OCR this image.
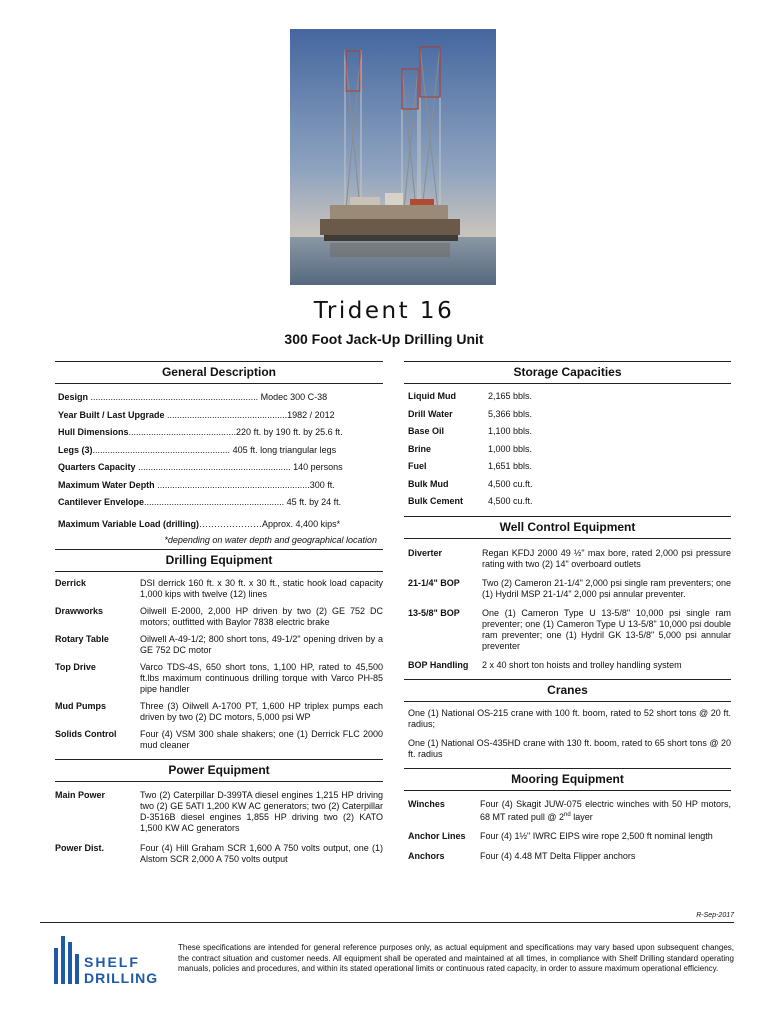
Trident 16
300 Foot Jack-Up Drilling Unit
General Description
Design ................................................................... Modec 300 C-38
Year Built / Last Upgrade ................................................1982 / 2012
Hull Dimensions...........................................220 ft. by 190 ft. by 25.6 ft.
Legs (3)....................................................... 405 ft. long triangular legs
Quarters Capacity ............................................................. 140 persons
Maximum Water Depth .............................................................300 ft.
Cantilever Envelope........................................................ 45 ft. by 24 ft.
Maximum Variable Load (drilling)…………………Approx. 4,400 kips*
*depending on water depth and geographical location
Drilling Equipment
Derrick	DSI derrick 160 ft. x 30 ft. x 30 ft., static hook load capacity 1,000 kips with twelve (12) lines
Drawworks	Oilwell E-2000, 2,000 HP driven by two (2) GE 752 DC motors; outfitted with Baylor 7838 electric brake
Rotary Table	Oilwell A-49-1/2; 800 short tons, 49-1/2" opening driven by a GE 752 DC motor
Top Drive	Varco TDS-4S, 650 short tons, 1,100 HP, rated to 45,500 ft.lbs maximum continuous drilling torque with Varco PH-85 pipe handler
Mud Pumps	Three (3) Oilwell A-1700 PT, 1,600 HP triplex pumps each driven by two (2) DC motors, 5,000 psi WP
Solids Control	Four (4) VSM 300 shale shakers; one (1) Derrick FLC 2000 mud cleaner
Power Equipment
Main Power	Two (2) Caterpillar D-399TA diesel engines 1,215 HP driving two (2) GE 5ATI 1,200 KW AC generators; two (2) Caterpillar D-3516B diesel engines 1,855 HP driving two (2) KATO 1,500 KW AC generators
Power Dist.	Four (4) Hill Graham SCR 1,600 A 750 volts output, one (1) Alstom SCR 2,000 A 750 volts output
Storage Capacities
Liquid Mud	2,165 bbls.
Drill Water	5,366 bbls.
Base Oil	1,100 bbls.
Brine	1,000 bbls.
Fuel	1,651 bbls.
Bulk Mud	4,500 cu.ft.
Bulk Cement	4,500 cu.ft.
Well Control Equipment
Diverter	Regan KFDJ 2000 49 ½" max bore, rated 2,000 psi pressure rating with two (2) 14" overboard outlets
21-1/4" BOP	Two (2) Cameron 21-1/4" 2,000 psi single ram preventers; one (1) Hydril MSP 21-1/4" 2,000 psi annular preventer.
13-5/8" BOP	One (1) Cameron Type U 13-5/8" 10,000 psi single ram preventer; one (1) Cameron Type U 13-5/8" 10,000 psi double ram preventer; one (1) Hydril GK 13-5/8" 5,000 psi annular preventer
BOP Handling	2 x 40 short ton hoists and trolley handling system
Cranes
One (1) National OS-215 crane with 100 ft. boom, rated to 52 short tons @ 20 ft. radius;
One (1) National OS-435HD crane with 130 ft. boom, rated to 65 short tons @ 20 ft. radius
Mooring Equipment
Winches	Four (4) Skagit JUW-075 electric winches with 50 HP motors, 68 MT rated pull @ 2nd layer
Anchor Lines	Four (4) 1½" IWRC EIPS wire rope 2,500 ft nominal length
Anchors	Four (4) 4.48 MT Delta Flipper anchors
R-Sep-2017
SHELF
DRILLING
These specifications are intended for general reference purposes only, as actual equipment and specifications may vary based upon subsequent changes, the contract situation and customer needs. All equipment shall be operated and maintained at all times, in compliance with Shelf Drilling standard operating manuals, policies and procedures, and within its stated operational limits or continuous rated capacity, in order to assure maximum operational efficiency.
